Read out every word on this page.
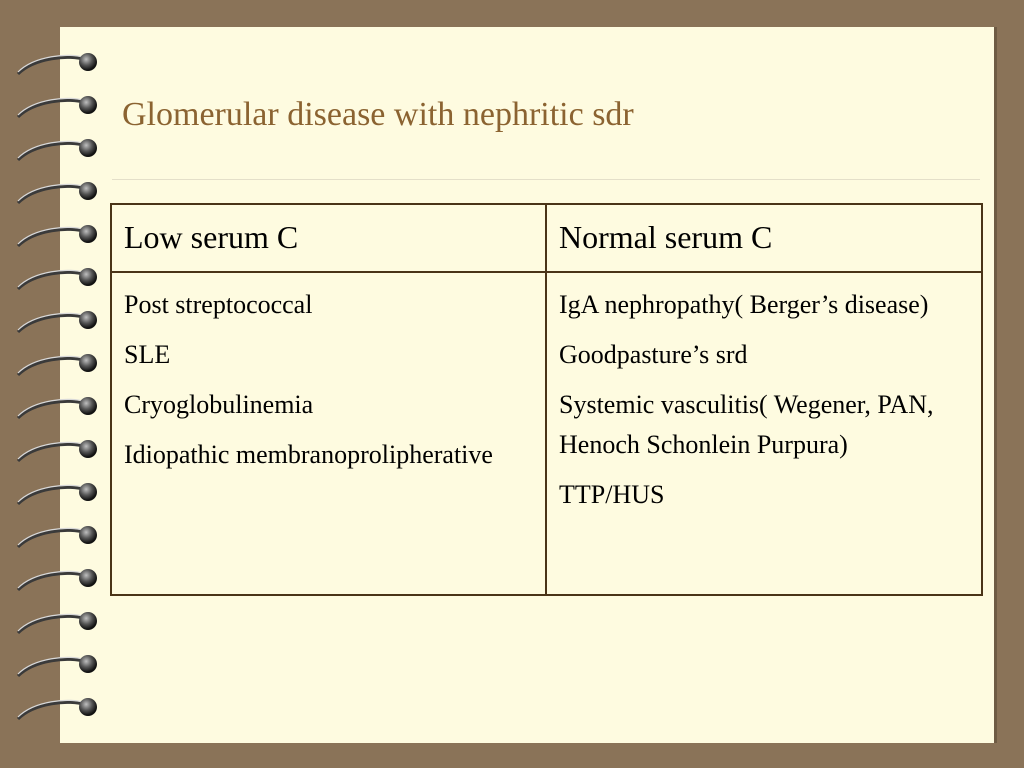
Glomerular disease with nephritic sdr
Low serum C	Normal serum C

Post streptococcal

SLE

Cryoglobulinemia

Idiopathic membranoprolipherative

IgA nephropathy( Berger’s disease)

Goodpasture’s srd

Systemic vasculitis( Wegener, PAN, Henoch Schonlein Purpura)

TTP/HUS
